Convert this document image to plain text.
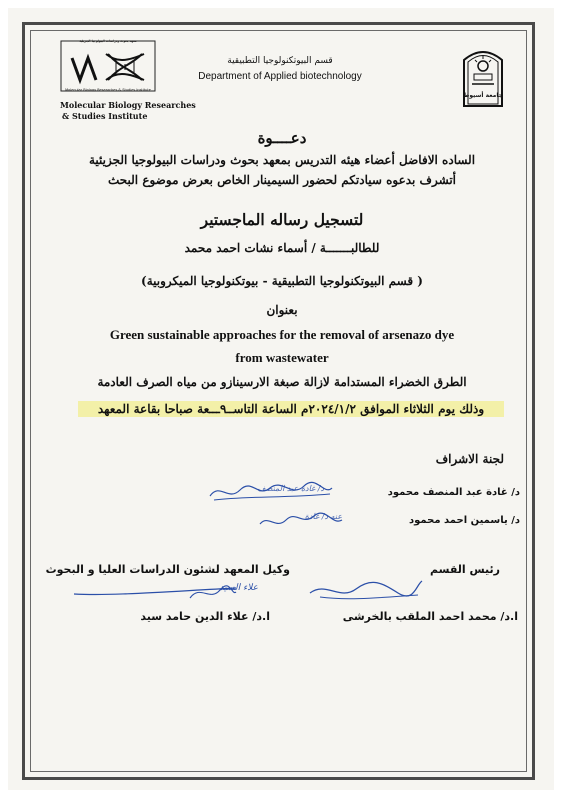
معهد بحوث ودراسات البيولوجيا الجزيئية
Molecular Biology Researches & Studies Institute
Molecular Biology Researches
& Studies Institute
قسم البيوتكنولوجيا التطبيقية
Department of Applied biotechnology
جامعة أسيوط
دعــــوة
الساده الافاضل أعضاء هيئه التدريس بمعهد بحوث ودراسات البيولوجيا الجزيئية
أتشرف بدعوه سيادتكم لحضور السيمينار الخاص بعرض موضوع البحث
لتسجيل رساله الماجستير
للطالبـــــــة / أسماء نشات احمد محمد
( قسم البيوتكنولوجيا التطبيقية - بيوتكنولوجيا الميكروبية)
بعنوان
Green sustainable approaches for the removal of arsenazo dye
from wastewater
الطرق الخضراء المستدامة لازالة صبغة الارسينازو من مياه الصرف العادمة
وذلك يوم الثلاثاء الموافق ٢٠٢٤/١/٢م الساعة التاســ٩ـــعة صباحا بقاعة المعهد
لجنة الاشراف
د/ غادة عبد المنصف محمود
د/ ياسمين احمد محمود
د/ غادة عبد المنصف
عنه د/ غادة
رئيس القسم
وكيل المعهد لشئون الدراسات العليا و البحوث
علاء السيد
ا.د/ محمد احمد الملقب بالخرشى
ا.د/ علاء الدين حامد سيد
